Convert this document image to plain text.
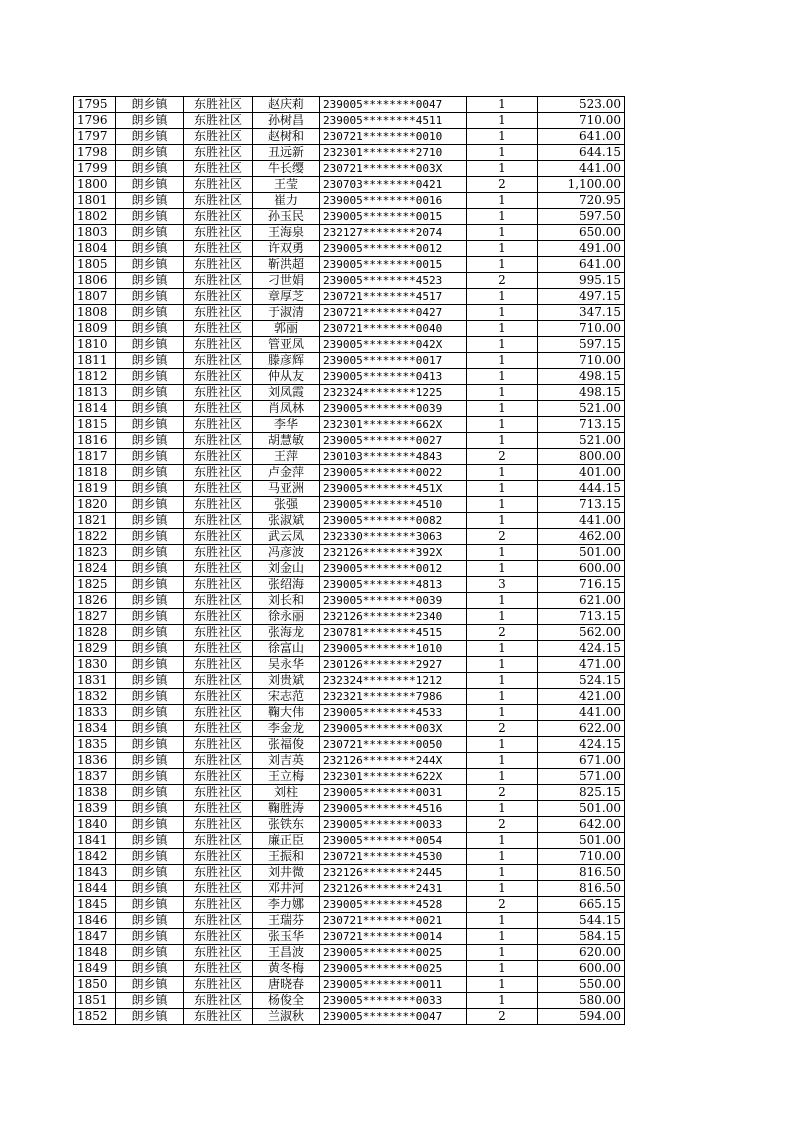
1795	朗乡镇	东胜社区	赵庆莉	239005********0047	1	523.00
1796	朗乡镇	东胜社区	孙树昌	239005********4511	1	710.00
1797	朗乡镇	东胜社区	赵树和	230721********0010	1	641.00
1798	朗乡镇	东胜社区	丑远新	232301********2710	1	644.15
1799	朗乡镇	东胜社区	牛长缨	230721********003X	1	441.00
1800	朗乡镇	东胜社区	王莹	230703********0421	2	1,100.00
1801	朗乡镇	东胜社区	崔力	239005********0016	1	720.95
1802	朗乡镇	东胜社区	孙玉民	239005********0015	1	597.50
1803	朗乡镇	东胜社区	王海泉	232127********2074	1	650.00
1804	朗乡镇	东胜社区	许双勇	239005********0012	1	491.00
1805	朗乡镇	东胜社区	靳洪超	239005********0015	1	641.00
1806	朗乡镇	东胜社区	刁世娟	239005********4523	2	995.15
1807	朗乡镇	东胜社区	章厚芝	230721********4517	1	497.15
1808	朗乡镇	东胜社区	于淑清	230721********0427	1	347.15
1809	朗乡镇	东胜社区	郭丽	230721********0040	1	710.00
1810	朗乡镇	东胜社区	管亚凤	239005********042X	1	597.15
1811	朗乡镇	东胜社区	滕彦辉	239005********0017	1	710.00
1812	朗乡镇	东胜社区	仲从友	239005********0413	1	498.15
1813	朗乡镇	东胜社区	刘凤霞	232324********1225	1	498.15
1814	朗乡镇	东胜社区	肖凤林	239005********0039	1	521.00
1815	朗乡镇	东胜社区	李华	232301********662X	1	713.15
1816	朗乡镇	东胜社区	胡慧敏	239005********0027	1	521.00
1817	朗乡镇	东胜社区	王萍	230103********4843	2	800.00
1818	朗乡镇	东胜社区	卢金萍	239005********0022	1	401.00
1819	朗乡镇	东胜社区	马亚洲	239005********451X	1	444.15
1820	朗乡镇	东胜社区	张强	239005********4510	1	713.15
1821	朗乡镇	东胜社区	张淑斌	239005********0082	1	441.00
1822	朗乡镇	东胜社区	武云凤	232330********3063	2	462.00
1823	朗乡镇	东胜社区	冯彦波	232126********392X	1	501.00
1824	朗乡镇	东胜社区	刘金山	239005********0012	1	600.00
1825	朗乡镇	东胜社区	张绍海	239005********4813	3	716.15
1826	朗乡镇	东胜社区	刘长和	239005********0039	1	621.00
1827	朗乡镇	东胜社区	徐永丽	232126********2340	1	713.15
1828	朗乡镇	东胜社区	张海龙	230781********4515	2	562.00
1829	朗乡镇	东胜社区	徐富山	239005********1010	1	424.15
1830	朗乡镇	东胜社区	吴永华	230126********2927	1	471.00
1831	朗乡镇	东胜社区	刘贵斌	232324********1212	1	524.15
1832	朗乡镇	东胜社区	宋志范	232321********7986	1	421.00
1833	朗乡镇	东胜社区	鞠大伟	239005********4533	1	441.00
1834	朗乡镇	东胜社区	李金龙	239005********003X	2	622.00
1835	朗乡镇	东胜社区	张福俊	230721********0050	1	424.15
1836	朗乡镇	东胜社区	刘吉英	232126********244X	1	671.00
1837	朗乡镇	东胜社区	王立梅	232301********622X	1	571.00
1838	朗乡镇	东胜社区	刘柱	239005********0031	2	825.15
1839	朗乡镇	东胜社区	鞠胜涛	239005********4516	1	501.00
1840	朗乡镇	东胜社区	张铁东	239005********0033	2	642.00
1841	朗乡镇	东胜社区	廉正臣	239005********0054	1	501.00
1842	朗乡镇	东胜社区	王振和	230721********4530	1	710.00
1843	朗乡镇	东胜社区	刘井微	232126********2445	1	816.50
1844	朗乡镇	东胜社区	邓井河	232126********2431	1	816.50
1845	朗乡镇	东胜社区	李力娜	239005********4528	2	665.15
1846	朗乡镇	东胜社区	王瑞芬	230721********0021	1	544.15
1847	朗乡镇	东胜社区	张玉华	230721********0014	1	584.15
1848	朗乡镇	东胜社区	王昌波	239005********0025	1	620.00
1849	朗乡镇	东胜社区	黄冬梅	239005********0025	1	600.00
1850	朗乡镇	东胜社区	唐晓春	239005********0011	1	550.00
1851	朗乡镇	东胜社区	杨俊全	239005********0033	1	580.00
1852	朗乡镇	东胜社区	兰淑秋	239005********0047	2	594.00
